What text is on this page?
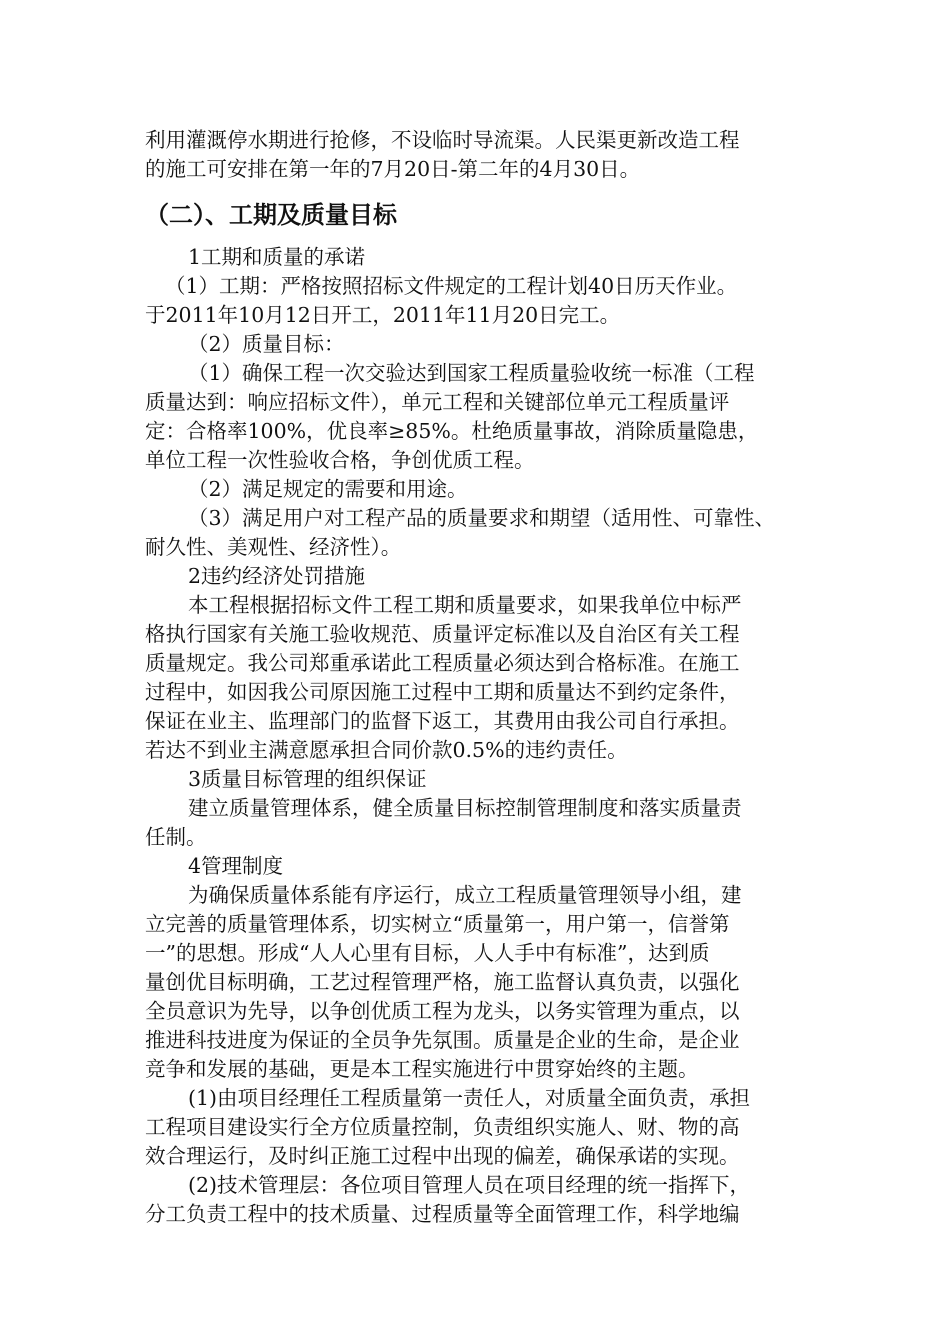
利用灌溉停水期进行抢修，不设临时导流渠。人民渠更新改造工程
的施工可安排在第一年的7月20日-第二年的4月30日。
（二）、工期及质量目标
1工期和质量的承诺
（1）工期：严格按照招标文件规定的工程计划40日历天作业。
于2011年10月12日开工，2011年11月20日完工。
（2）质量目标：
（1）确保工程一次交验达到国家工程质量验收统一标准（工程
质量达到：响应招标文件），单元工程和关键部位单元工程质量评
定：合格率100%，优良率≥85%。杜绝质量事故，消除质量隐患，
单位工程一次性验收合格，争创优质工程。
（2）满足规定的需要和用途。
（3）满足用户对工程产品的质量要求和期望（适用性、可靠性、
耐久性、美观性、经济性）。
2违约经济处罚措施
本工程根据招标文件工程工期和质量要求，如果我单位中标严
格执行国家有关施工验收规范、质量评定标准以及自治区有关工程
质量规定。我公司郑重承诺此工程质量必须达到合格标准。在施工
过程中，如因我公司原因施工过程中工期和质量达不到约定条件，
保证在业主、监理部门的监督下返工，其费用由我公司自行承担。
若达不到业主满意愿承担合同价款0.5%的违约责任。
3质量目标管理的组织保证
建立质量管理体系，健全质量目标控制管理制度和落实质量责
任制。
4管理制度
为确保质量体系能有序运行，成立工程质量管理领导小组，建
立完善的质量管理体系，切实树立“质量第一，用户第一，信誉第
一”的思想。形成“人人心里有目标，人人手中有标准”，达到质
量创优目标明确，工艺过程管理严格，施工监督认真负责，以强化
全员意识为先导，以争创优质工程为龙头，以务实管理为重点，以
推进科技进度为保证的全员争先氛围。质量是企业的生命，是企业
竞争和发展的基础，更是本工程实施进行中贯穿始终的主题。
(1)由项目经理任工程质量第一责任人，对质量全面负责，承担
工程项目建设实行全方位质量控制，负责组织实施人、财、物的高
效合理运行，及时纠正施工过程中出现的偏差，确保承诺的实现。
(2)技术管理层：各位项目管理人员在项目经理的统一指挥下，
分工负责工程中的技术质量、过程质量等全面管理工作，科学地编
